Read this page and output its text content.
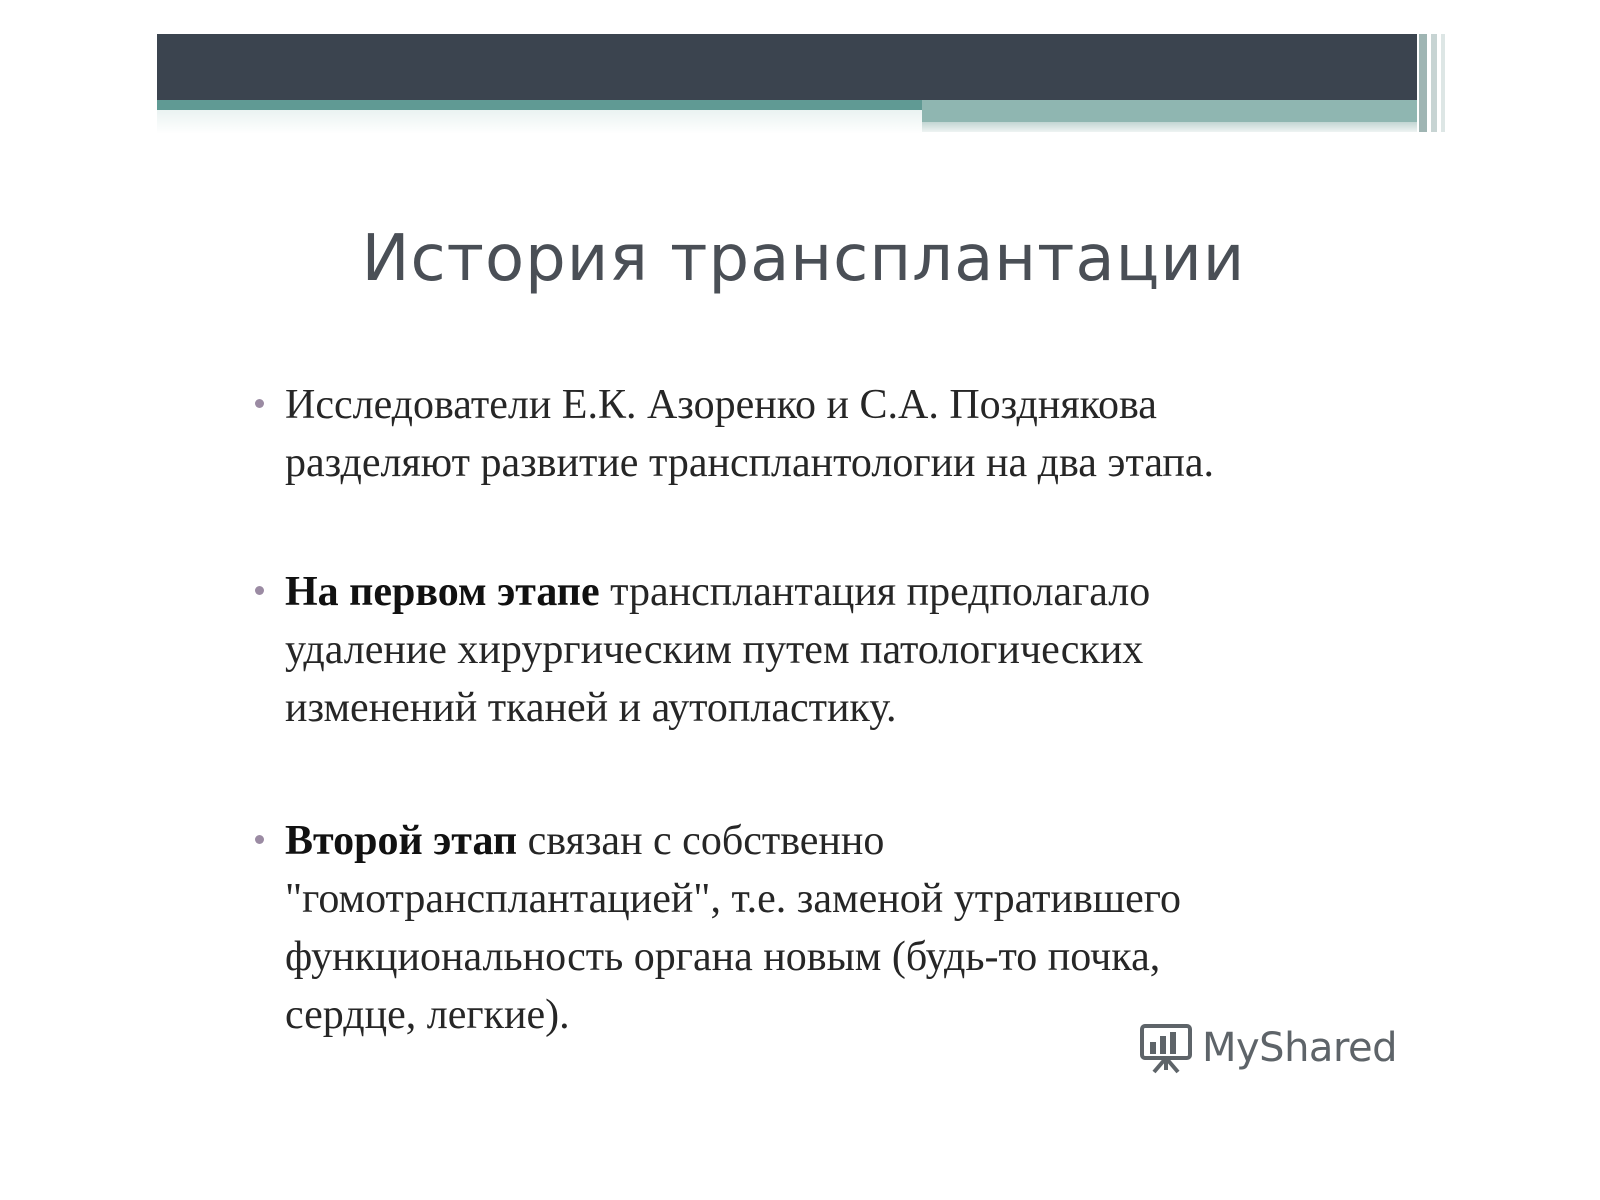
История трансплантации
Исследователи Е.К. Азоренко и С.А. Позднякова
разделяют развитие трансплантологии на два этапа.
На первом этапе трансплантация предполагало
удаление хирургическим путем патологических
изменений тканей и аутопластику.
Второй этап связан с собственно
"гомотрансплантацией", т.е. заменой утратившего
функциональность органа новым (будь-то почка,
сердце, легкие).
MyShared
